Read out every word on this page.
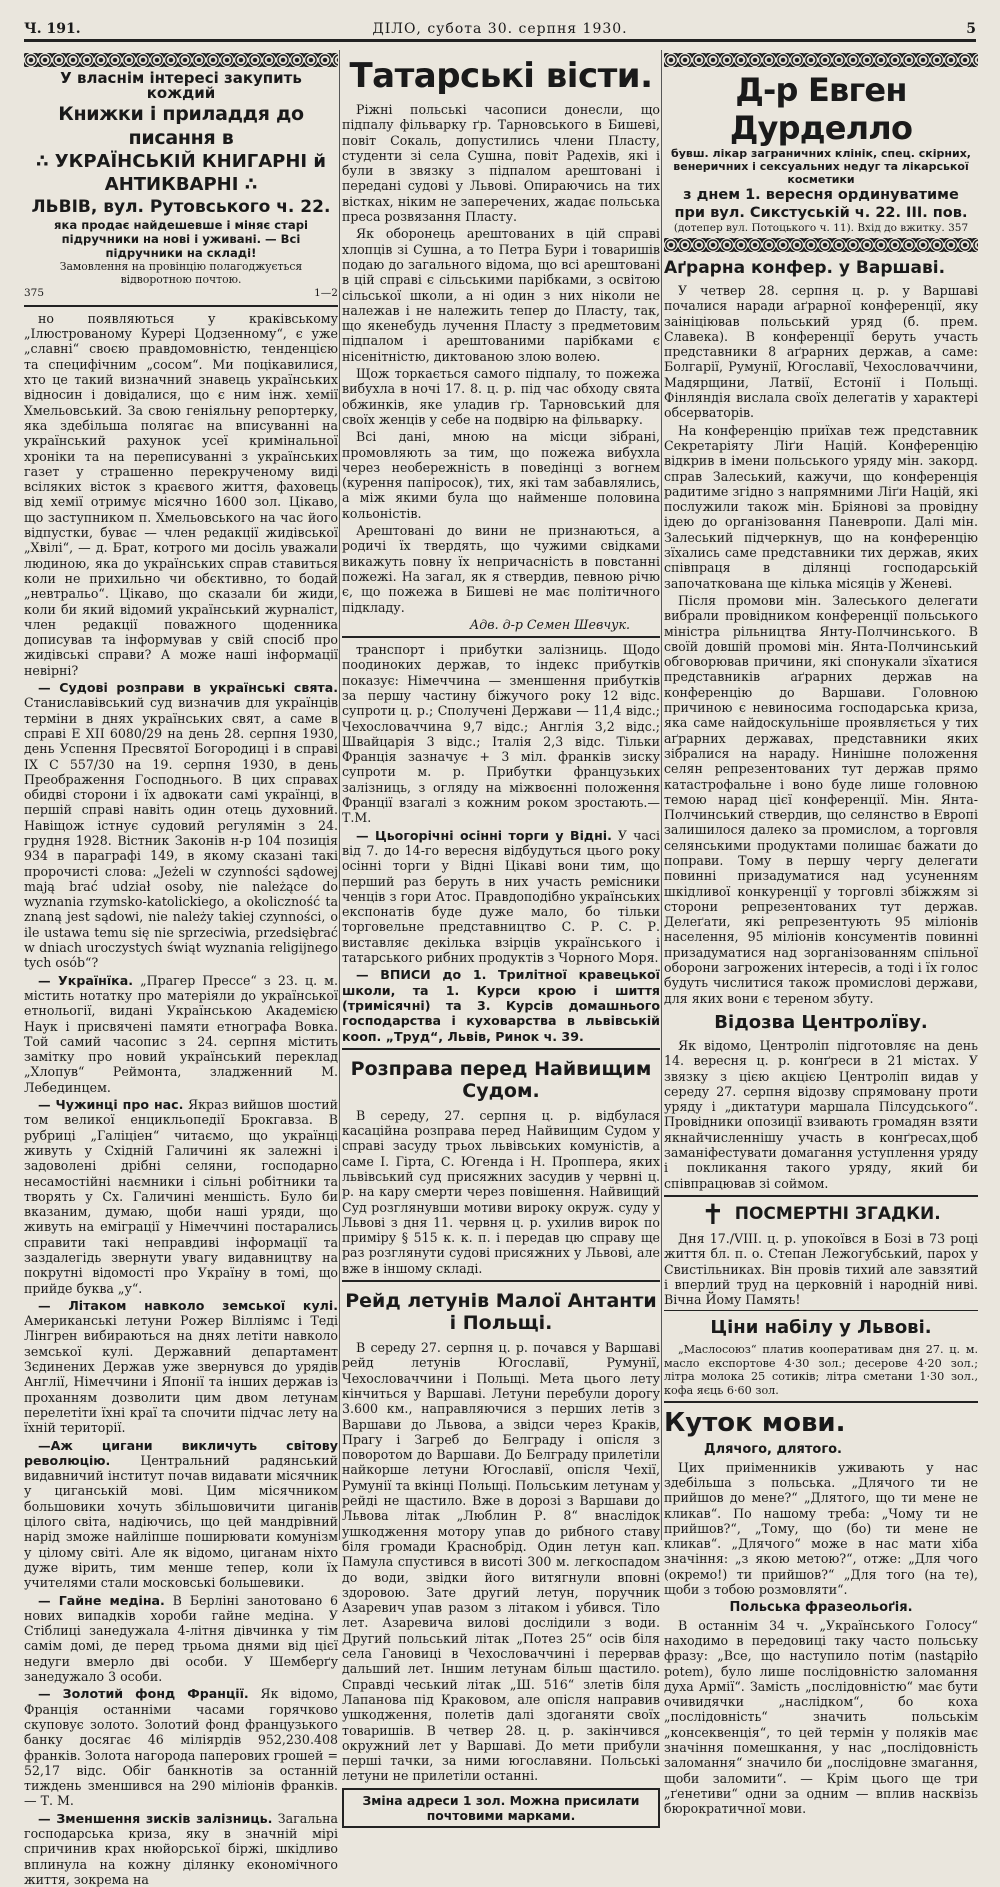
Ч. 191.	ДІЛО, субота 30. серпня 1930.	5
У власнім інтересі закупить кождий
Книжки і приладдя до писання в
∴ УКРАЇНСЬКІЙ КНИГАРНІ й АНТИКВАРНІ ∴
ЛЬВІВ, вул. Рутовського ч. 22.
яка продає найдешевше і міняє старі підручники на нові і уживані. — Всі підручники на складі!
Замовлення на провінцію полагоджується відворотною почтою.
375	1—2

но появляються у краківському „Ілюстрованому Курері Цодзенному“, є уже „славні“ своєю правдомовністю, тенденцією та специфічним „сосом“. Ми поцікавилися, хто це такий визначний знавець українських відносин і довідалися, що є ним інж. хемії Хмельовський. За свою геніяльну репортерку, яка здебільша полягає на вписуванні на український рахунок усеї кримінальної хроніки та на переписуванні з українських газет у страшенно перекрученому виді всіляких вісток з краєвого життя, фаховець від хемії отримує місячно 1600 зол. Цікаво, що заступником п. Хмельовського на час його відпустки, буває — член редакції жидівської „Хвілі“, — д. Брат, котрого ми досіль уважали людиною, яка до українських справ ставиться коли не прихильно чи обєктивно, то бодай „невтральо“. Цікаво, що сказали би жиди, коли би який відомий український журналіст, член редакції поважного щоденника дописував та інформував у свій спосіб про жидівські справи? А може наші інформації невірні?

— Судові розправи в українські свята. Станиславівський суд визначив для українців терміни в днях українських свят, а саме в справі Е XII 6080/29 на день 28. серпня 1930, день Успення Пресвятої Богородиці і в справі ІХ С 557/30 на 19. серпня 1930, в день Преображення Господнього. В цих справах обидві сторони і їх адвокати самі українці, в першій справі навіть один отець духовний. Навіщож істнує судовий регулямін з 24. грудня 1928. Вістник Законів н-р 104 позиція 934 в параграфі 149, в якому сказані такі пророчисті слова: „Jeżeli w czynności sądowej mają brać udział osoby, nie należące do wyznania rzymsko-katolickiego, a okoliczność ta znaną jest sądowi, nie należy takiej czynności, o ile ustawa temu się nie sprzeciwia, przedsiębrać w dniach uroczystych świąt wyznania religijnego tych osób“?

— Українїка. „Прагер Прессе“ з 23. ц. м. містить нотатку про матеріяли до української етнольогії, видані Українською Академією Наук і присвячені памяти етнографа Вовка. Той самий часопис з 24. серпня містить замітку про новий український переклад „Хлопув“ Реймонта, зладженний М. Лебединцем.

— Чужинці про нас. Якраз вийшов шостий том великої енцикльопедії Брокгавза. В рубриці „Галіціен“ читаємо, що українці живуть у Східній Галичині як залежні і задоволені дрібні селяни, господарно несамостійні наємники і сільні робітники та творять у Сх. Галичині меншість. Було би вказаним, думаю, щоби наші уряди, що живуть на еміграції у Німеччині постарались справити такі неправдиві інформації та заздалегідь звернути увагу видавництву на покрутні відомості про Україну в томі, що прийде буква „у“.

— Літаком навколо земської кулі. Американські летуни Рожер Вілліямс і Теді Лінгрен вибираються на днях летіти навколо земської кулі. Державний департамент Зєдинених Держав уже звернувся до урядів Англії, Німеччини і Японії та інших держав із проханням дозволити цим двом летунам перелетіти їхні краї та спочити підчас лету на їхній території.

—Аж цигани викличуть світову революцію. Центральний радянський видавничий інститут почав видавати місячник у циганській мові. Цим місячником большовики хочуть збільшовичити циганів цілого світа, надіючись, що цей мандрівний нарід зможе найліпше поширювати комунізм у цілому світі. Але як відомо, циганам ніхто дуже вірить, тим менше тепер, коли їх учителями стали московські большевики.

— Гайне медіна. В Берліні занотовано 6 нових випадків хороби гайне медіна. У Стіблиці занедужала 4-літня дівчинка у тім самім домі, де перед трьома днями від цієї недуги вмерло дві особи. У Шемберґу занедужало 3 особи.

— Золотий фонд Франції. Як відомо, Франція останніми часами горячково скуповує золото. Золотий фонд французького банку досягає 46 міліярдів 952,230.408 франків. Золота нагорода паперових грошей = 52,17 відс. Обіг банкнотів за останній тиждень зменшився на 290 міліонів франків. — Т. М.

— Зменшення зисків залізниць. Загальна господарська криза, яку в значній мірі спричинив крах нюйорської біржі, шкідливо вплинула на кожну ділянку економічного життя, зокрема на

Татарські вісти.

Ріжні польські часописи донесли, що підпалу фільварку ґр. Тарновського в Бишеві, повіт Сокаль, допустились члени Пласту, студенти зі села Сушна, повіт Радехів, які і були в звязку з підпалом арештовані і передані судові у Львові. Опираючись на тих вістках, ніким не заперечених, жадає польська преса розвязання Пласту.

Як оборонець арештованих в цій справі хлопців зі Сушна, а то Петра Бури і товаришів подаю до загального відома, що всі арештовані в цій справі є сільськими парібками, з освітою сільської школи, а ні один з них ніколи не належав і не належить тепер до Пласту, так, що якенебудь лучення Пласту з предметовим підпалом і арештованими парібками є нісенітністю, диктованою злою волею.

Щож торкається самого підпалу, то пожежа вибухла в ночі 17. 8. ц. р. під час обходу свята обжинків, яке уладив ґр. Тарновський для своїх женців у себе на подвірю на фільварку.

Всі дані, мною на місци зібрані, промовляють за тим, що пожежа вибухла через необережність в поведінці з вогнем (курення папіросок), тих, які там забавлялись, а між якими була що найменше половина кольоністів.

Арештовані до вини не признаються, а родичі їх твердять, що чужими свідками викажуть повну їх непричасність в повстанні пожежі. На загал, як я ствердив, певною річю є, що пожежа в Бишеві не має політичного підкладу.

Адв. д-р Семен Шевчук.

транспорт і прибутки залізниць. Щодо поодиноких держав, то індекс прибутків показує: Німеччина — зменшення прибутків за першу частину біжучого року 12 відс. супроти ц. р.; Сполучені Держави — 11,4 відс.; Чехословаччина 9,7 відс.; Англія 3,2 відс.; Швайцарія 3 відс.; Італія 2,3 відс. Тільки Франція зазначує + 3 міл. франків зиску супроти м. р. Прибутки французьких залізниць, з огляду на міжвоєнні положення Франції взагалі з кожним роком зростають.—Т.М.

— Цьогорічні осінні торги у Відні. У часі від 7. до 14-го вересня відбудуться цього року осінні торги у Відні Цікаві вони тим, що перший раз беруть в них участь ремісники ченців з гори Атос. Правдоподібно українських експонатів буде дуже мало, бо тільки торговельне представництво С. Р. С. Р. виставляє декілька взірців українського і татарського рибних продуктів з Чорного Моря.

— ВПИСИ до 1. Трилітної кравецької школи, та 1. Курси крою і шиття (тримісячні) та 3. Курсів домашнього господарства і куховарства в львівській кооп. „Труд“, Львів, Ринок ч. 39.

Розправа перед Найвищим Судом.

В середу, 27. серпня ц. р. відбулася касаційна розправа перед Найвищим Судом у справі засуду трьох львівських комуністів, а саме І. Гірта, С. Югенда і Н. Проппера, яких львівський суд присяжних засудив у червні ц. р. на кару смерти через повішення. Найвищий Суд розглянувши мотиви вироку окруж. суду у Львові з дня 11. червня ц. р. ухилив вирок по приміру § 515 к. к. п. і передав цю справу ще раз розглянути судові присяжних у Львові, але вже в іншому складі.

Рейд летунів Малої Антанти і Польщі.

В середу 27. серпня ц. р. почався у Варшаві рейд летунів Югославії, Румунії, Чехословаччини і Польщі. Мета цього лету кінчиться у Варшаві. Летуни перебули дорогу 3.600 км., направляючися з перших летів з Варшави до Львова, а звідси через Краків, Прагу і Загреб до Белграду і опісля з поворотом до Варшави. До Белграду прилетіли найкорше летуни Югославії, опісля Чехії, Румунії та вкінці Польщі. Польським летунам у рейді не щастило. Вже в дорозі з Варшави до Львова літак „Люблин Р. 8“ внаслідок ушкодження мотору упав до рибного ставу біля громади Краснобрід. Один летун кап. Памула спустився в висоті 300 м. легкоспадом до води, звідки його витягнули вповні здоровою. Зате другий летун, поручник Азаревич упав разом з літаком і убився. Тіло лет. Азаревича вилові дослідили з води. Другий польський літак „Потез 25“ осів біля села Гановиці в Чехословаччині і перервав дальший лет. Іншим летунам більш щастило. Справді чеський літак „Ш. 516“ злетів біля Лапанова під Краковом, але опісля направив ушкодження, полетів далі здоганяти своїх товаришів. В четвер 28. ц. р. закінчився окружний лет у Варшаві. До мети прибули перші тачки, за ними югославяни. Польські летуни не прилетіли останні.

Зміна адреси 1 зол. Можна присилати почтовими марками.
Д-р Евген Дурделло
бувш. лікар заграничних клінік, спец. скірних, венеричних і сексуальних недуг та лікарської косметики
з днем 1. вересня ординуватиме
при вул. Сикстуській ч. 22. III. пов.
(дотепер вул. Потоцького ч. 11). Вхід до вжитку. 357
Аґрарна конфер. у Варшаві.

У четвер 28. серпня ц. р. у Варшаві почалися наради аґрарної конференції, яку заініціював польський уряд (б. прем. Славека). В конференції беруть участь представники 8 аґрарних держав, а саме: Болгарії, Румунії, Югославії, Чехословаччини, Мадярщини, Латвії, Естонії і Польщі. Фінляндія вислала своїх делегатів у характері обсерваторів.

На конференцію приїхав теж представник Секретаріяту Ліґи Націй. Конференцію відкрив в імени польського уряду мін. закорд. справ Залеський, кажучи, що конференція радитиме згідно з напрямними Ліґи Націй, які послужили також мін. Бріянові за провідну ідею до організовання Паневропи. Далі мін. Залеський підчеркнув, що на конференцію зїхались саме представники тих держав, яких співпраця в ділянці господарській започаткована ще кілька місяців у Женеві.

Після промови мін. Залеського делегати вибрали провідником конференції польського міністра рільництва Янту-Полчинського. В своїй довшій промові мін. Янта-Полчинський обговорював причини, які спонукали зїхатися представників аґрарних держав на конференцію до Варшави. Головною причиною є невиносима господарська криза, яка саме найдоскульніше проявляється у тих аґрарних державах, представники яких зібралися на нараду. Нинішне положення селян репрезентованих тут держав прямо катастрофальне і воно буде лише головною темою нарад цієї конференції. Мін. Янта-Полчинський ствердив, що селянство в Европі залишилося далеко за промислом, а торговля селянськими продуктами полишає бажати до поправи. Тому в першу чергу делегати повинні призадуматися над усуненням шкідливої конкуренції у торговлі збіжжям зі сторони репрезентованих тут держав. Делеґати, які репрезентують 95 міліонів населення, 95 міліонів консументів повинні призадуматися над зорганізованням спільної оборони загрожених інтересів, а тоді і їх голос будуть числитися також промислові держави, для яких вони є тереном збуту.

Відозва Центролїву.

Як відомо, Центроліп підготовляє на день 14. вересня ц. р. конґреси в 21 містах. У звязку з цією акцією Центроліп видав у середу 27. серпня відозву спрямовану проти уряду і „диктатури маршала Пілсудського“. Провідники опозиції взивають громадян взяти якнайчисленнішу участь в конґресах,щоб заманіфестувати домагання уступлення уряду і покликання такого уряду, який би співпрацював зі соймом.

✝ ПОСМЕРТНІ ЗГАДКИ.

Дня 17./VIII. ц. р. упокоївся в Бозі в 73 році життя бл. п. о. Степан Лежогубський, парох у Свистільниках. Він провів тихий але завзятий і вперлий труд на церковній і народній ниві. Вічна Йому Память!

Ціни набілу у Львові.

„Маслосоюз“ платив кооперативам дня 27. ц. м. масло експортове 4·30 зол.; десерове 4·20 зол.; літра молока 25 сотиків; літра сметани 1·30 зол., кофа яєць 6·60 зол.

Куток мови.
Длячого, длятого.

Цих приіменників уживають у нас здебільша з польська. „Длячого ти не прийшов до мене?“ „Длятого, що ти мене не кликав“. По нашому треба: „Чому ти не прийшов?“, „Тому, що (бо) ти мене не кликав“. „Длячого“ може в нас мати хіба значіння: „з якою метою?“, отже: „Для чого (окремо!) ти прийшов?“ „Для того (на те), щоби з тобою розмовляти“.

Польська фразеольоґія.

В останнім 34 ч. „Українського Голосу“ находимо в передовиці таку часто польську фразу: „Все, що наступило потім (nastąpiło potem), було лише послідовністю заломання духа Армії“. Замість „послідовністю“ має бути очивидячки „наслідком“, бо коха „послідовність“ значить польськім „консеквенція“, то цей термін у поляків має значіння помешкання, у нас „послідовність заломання“ значило би „послідовне змагання, щоби заломити“. — Крім цього ще три „ґенетиви“ одни за одним — вплив насквізь бюрократичної мови.
